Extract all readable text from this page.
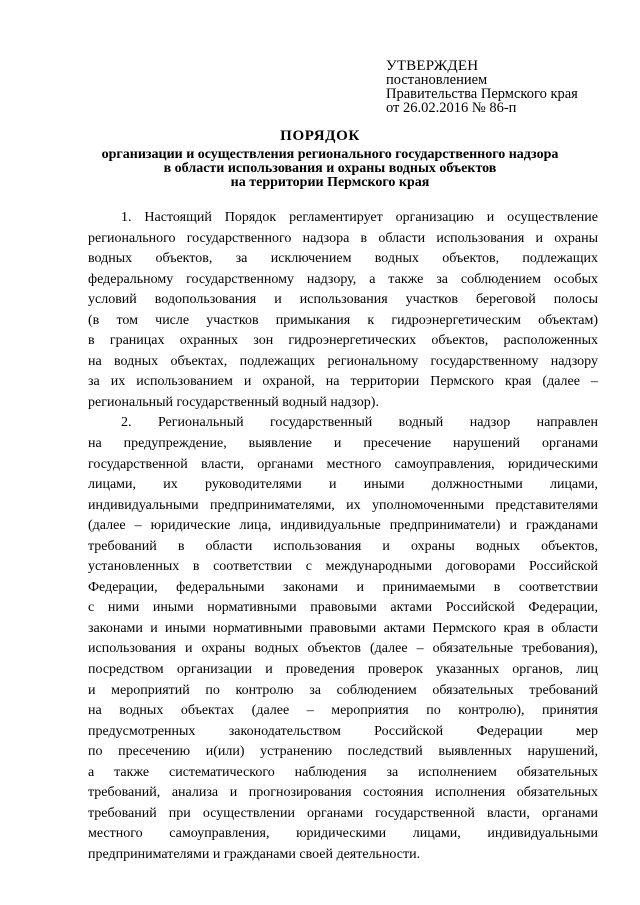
УТВЕРЖДЕН
постановлением
Правительства Пермского края
от 26.02.2016 № 86-п
ПОРЯДОК
организации и осуществления регионального государственного надзора
в области использования и охраны водных объектов
на территории Пермского края
1. Настоящий Порядок регламентирует организацию и осуществление
регионального государственного надзора в области использования и охраны
водных объектов, за исключением водных объектов, подлежащих
федеральному государственному надзору, а также за соблюдением особых
условий водопользования и использования участков береговой полосы
(в том числе участков примыкания к гидроэнергетическим объектам)
в границах охранных зон гидроэнергетических объектов, расположенных
на водных объектах, подлежащих региональному государственному надзору
за их использованием и охраной, на территории Пермского края (далее –
региональный государственный водный надзор).
2. Региональный государственный водный надзор направлен
на предупреждение, выявление и пресечение нарушений органами
государственной власти, органами местного самоуправления, юридическими
лицами, их руководителями и иными должностными лицами,
индивидуальными предпринимателями, их уполномоченными представителями
(далее – юридические лица, индивидуальные предприниматели) и гражданами
требований в области использования и охраны водных объектов,
установленных в соответствии с международными договорами Российской
Федерации, федеральными законами и принимаемыми в соответствии
с ними иными нормативными правовыми актами Российской Федерации,
законами и иными нормативными правовыми актами Пермского края в области
использования и охраны водных объектов (далее – обязательные требования),
посредством организации и проведения проверок указанных органов, лиц
и мероприятий по контролю за соблюдением обязательных требований
на водных объектах (далее – мероприятия по контролю), принятия
предусмотренных законодательством Российской Федерации мер
по пресечению и(или) устранению последствий выявленных нарушений,
а также систематического наблюдения за исполнением обязательных
требований, анализа и прогнозирования состояния исполнения обязательных
требований при осуществлении органами государственной власти, органами
местного самоуправления, юридическими лицами, индивидуальными
предпринимателями и гражданами своей деятельности.
